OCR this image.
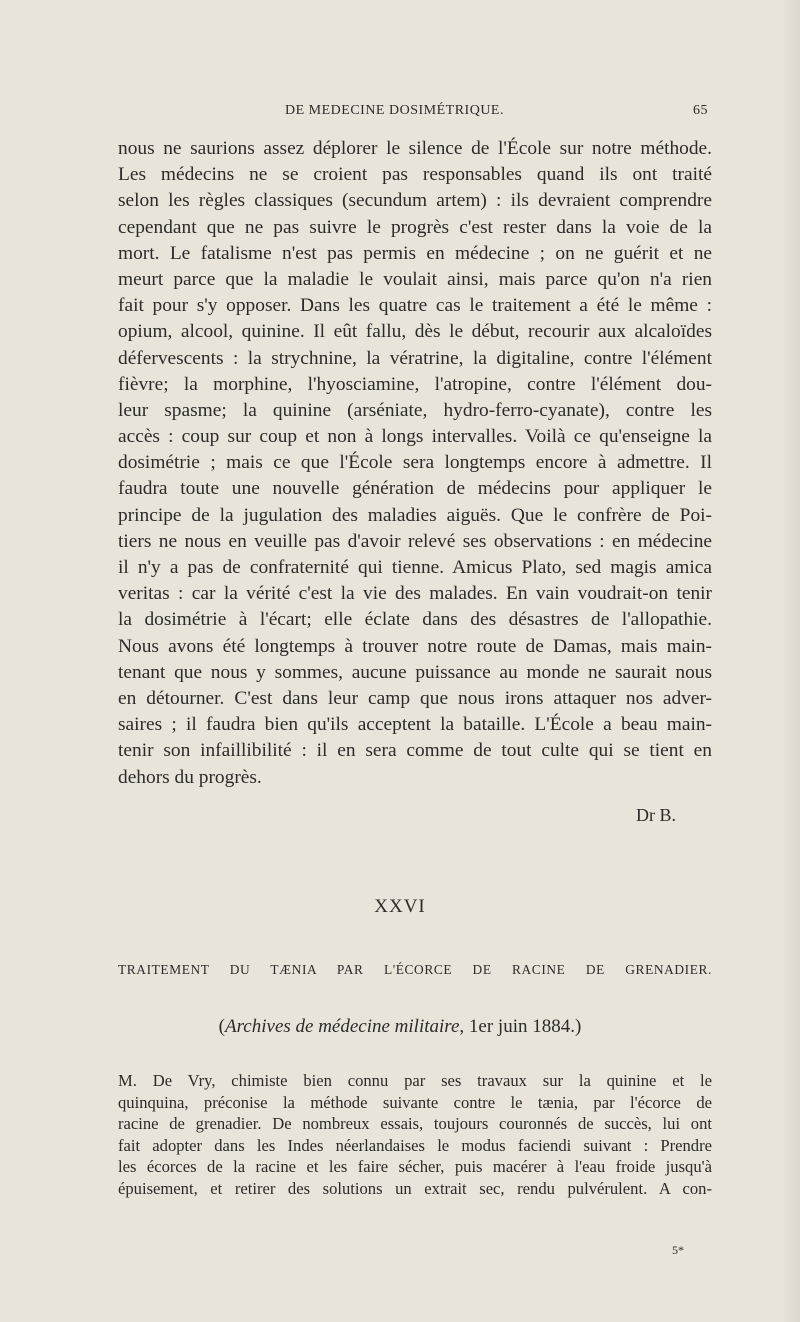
DE MEDECINE DOSIMÉTRIQUE.	65
nous ne saurions assez déplorer le silence de l'École sur notre méthode.
Les médecins ne se croient pas responsables quand ils ont traité
selon les règles classiques (secundum artem) : ils devraient comprendre
cependant que ne pas suivre le progrès c'est rester dans la voie de la
mort. Le fatalisme n'est pas permis en médecine ; on ne guérit et ne
meurt parce que la maladie le voulait ainsi, mais parce qu'on n'a rien
fait pour s'y opposer. Dans les quatre cas le traitement a été le même :
opium, alcool, quinine. Il eût fallu, dès le début, recourir aux alcaloïdes
défervescents : la strychnine, la vératrine, la digitaline, contre l'élément
fièvre; la morphine, l'hyosciamine, l'atropine, contre l'élément dou-
leur spasme; la quinine (arséniate, hydro-ferro-cyanate), contre les
accès : coup sur coup et non à longs intervalles. Voilà ce qu'enseigne la
dosimétrie ; mais ce que l'École sera longtemps encore à admettre. Il
faudra toute une nouvelle génération de médecins pour appliquer le
principe de la jugulation des maladies aiguës. Que le confrère de Poi-
tiers ne nous en veuille pas d'avoir relevé ses observations : en médecine
il n'y a pas de confraternité qui tienne. Amicus Plato, sed magis amica
veritas : car la vérité c'est la vie des malades. En vain voudrait-on tenir
la dosimétrie à l'écart; elle éclate dans des désastres de l'allopathie.
Nous avons été longtemps à trouver notre route de Damas, mais main-
tenant que nous y sommes, aucune puissance au monde ne saurait nous
en détourner. C'est dans leur camp que nous irons attaquer nos adver-
saires ; il faudra bien qu'ils acceptent la bataille. L'École a beau main-
tenir son infaillibilité : il en sera comme de tout culte qui se tient en
dehors du progrès.
Dr B.
XXVI
TRAITEMENT DU TÆNIA PAR L'ÉCORCE DE RACINE DE GRENADIER.
(Archives de médecine militaire, 1er juin 1884.)
M. De Vry, chimiste bien connu par ses travaux sur la quinine et le
quinquina, préconise la méthode suivante contre le tænia, par l'écorce de
racine de grenadier. De nombreux essais, toujours couronnés de succès, lui ont
fait adopter dans les Indes néerlandaises le modus faciendi suivant : Prendre
les écorces de la racine et les faire sécher, puis macérer à l'eau froide jusqu'à
épuisement, et retirer des solutions un extrait sec, rendu pulvérulent. A con-
5*
